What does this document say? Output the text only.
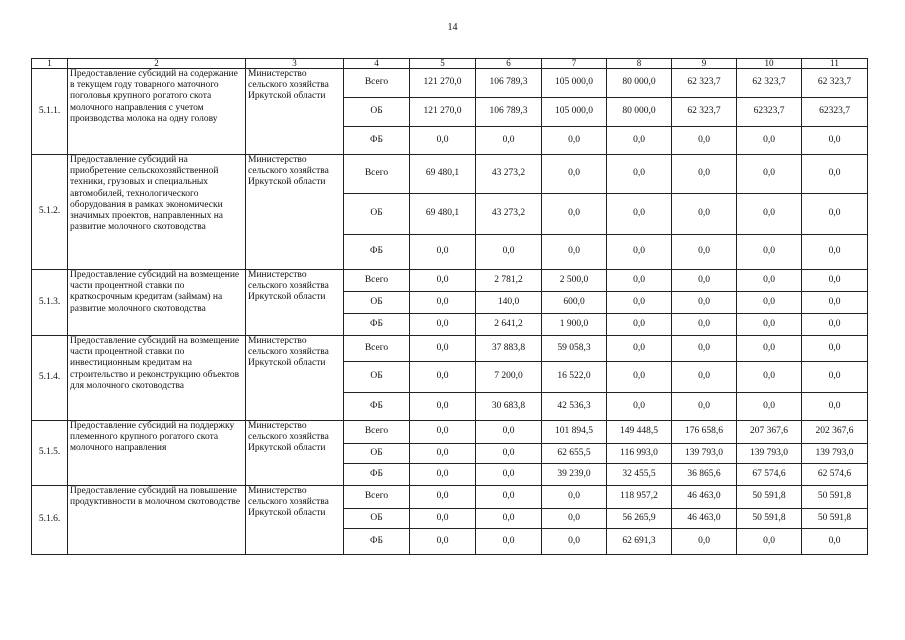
14
1	2	3	4	5	6	7	8	9	10	11
5.1.1.	Предоставление субсидий на содержание в текущем году товарного маточного поголовья крупного рогатого скота молочного направления с учетом производства молока на одну голову	Министерство сельского хозяйства Иркутской области	Всего	121 270,0	106 789,3	105 000,0	80 000,0	62 323,7	62 323,7	62 323,7
			ОБ	121 270,0	106 789,3	105 000,0	80 000,0	62 323,7	62323,7	62323,7
			ФБ	0,0	0,0	0,0	0,0	0,0	0,0	0,0
5.1.2.	Предоставление субсидий на приобретение сельскохозяйственной техники, грузовых и специальных автомобилей, технологического оборудования в рамках экономически значимых проектов, направленных на развитие молочного скотоводства	Министерство сельского хозяйства Иркутской области	Всего	69 480,1	43 273,2	0,0	0,0	0,0	0,0	0,0
			ОБ	69 480,1	43 273,2	0,0	0,0	0,0	0,0	0,0
			ФБ	0,0	0,0	0,0	0,0	0,0	0,0	0,0
5.1.3.	Предоставление субсидий на возмещение части процентной ставки по краткосрочным кредитам (займам) на развитие молочного скотоводства	Министерство сельского хозяйства Иркутской области	Всего	0,0	2 781,2	2 500,0	0,0	0,0	0,0	0,0
			ОБ	0,0	140,0	600,0	0,0	0,0	0,0	0,0
			ФБ	0,0	2 641,2	1 900,0	0,0	0,0	0,0	0,0
5.1.4.	Предоставление субсидий на возмещение части процентной ставки по инвестиционным кредитам на строительство и реконструкцию объектов для молочного скотоводства	Министерство сельского хозяйства Иркутской области	Всего	0,0	37 883,8	59 058,3	0,0	0,0	0,0	0,0
			ОБ	0,0	7 200,0	16 522,0	0,0	0,0	0,0	0,0
			ФБ	0,0	30 683,8	42 536,3	0,0	0,0	0,0	0,0
5.1.5.	Предоставление субсидий на поддержку племенного крупного рогатого скота молочного направления	Министерство сельского хозяйства Иркутской области	Всего	0,0	0,0	101 894,5	149 448,5	176 658,6	207 367,6	202 367,6
			ОБ	0,0	0,0	62 655,5	116 993,0	139 793,0	139 793,0	139 793,0
			ФБ	0,0	0,0	39 239,0	32 455,5	36 865,6	67 574,6	62 574,6
5.1.6.	Предоставление субсидий на повышение продуктивности в молочном скотоводстве	Министерство сельского хозяйства Иркутской области	Всего	0,0	0,0	0,0	118 957,2	46 463,0	50 591,8	50 591,8
			ОБ	0,0	0,0	0,0	56 265,9	46 463,0	50 591,8	50 591,8
			ФБ	0,0	0,0	0,0	62 691,3	0,0	0,0	0,0
